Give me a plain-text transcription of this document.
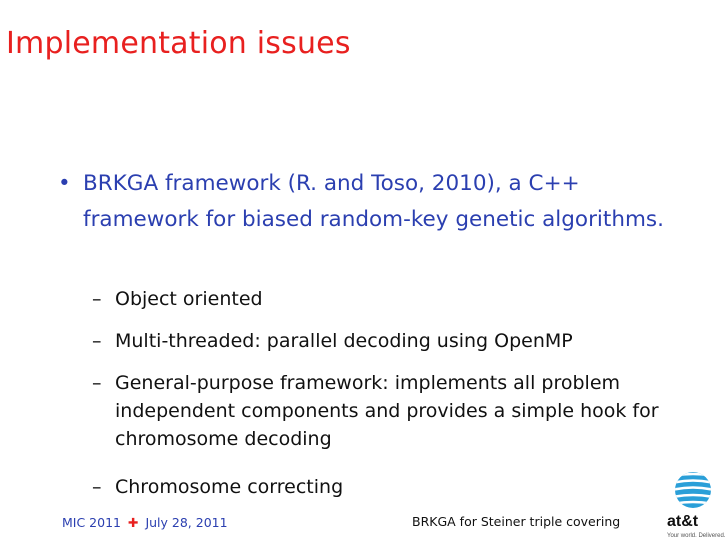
Implementation issues
• BRKGA framework (R. and Toso, 2010), a C++ framework for biased random-key genetic algorithms.
– Object oriented
– Multi-threaded: parallel decoding using OpenMP
– General-purpose framework: implements all problem independent components and provides a simple hook for chromosome decoding
– Chromosome correcting
MIC 2011 ✚ July 28, 2011	BRKGA for Steiner triple covering	at&t
Your world. Delivered.
